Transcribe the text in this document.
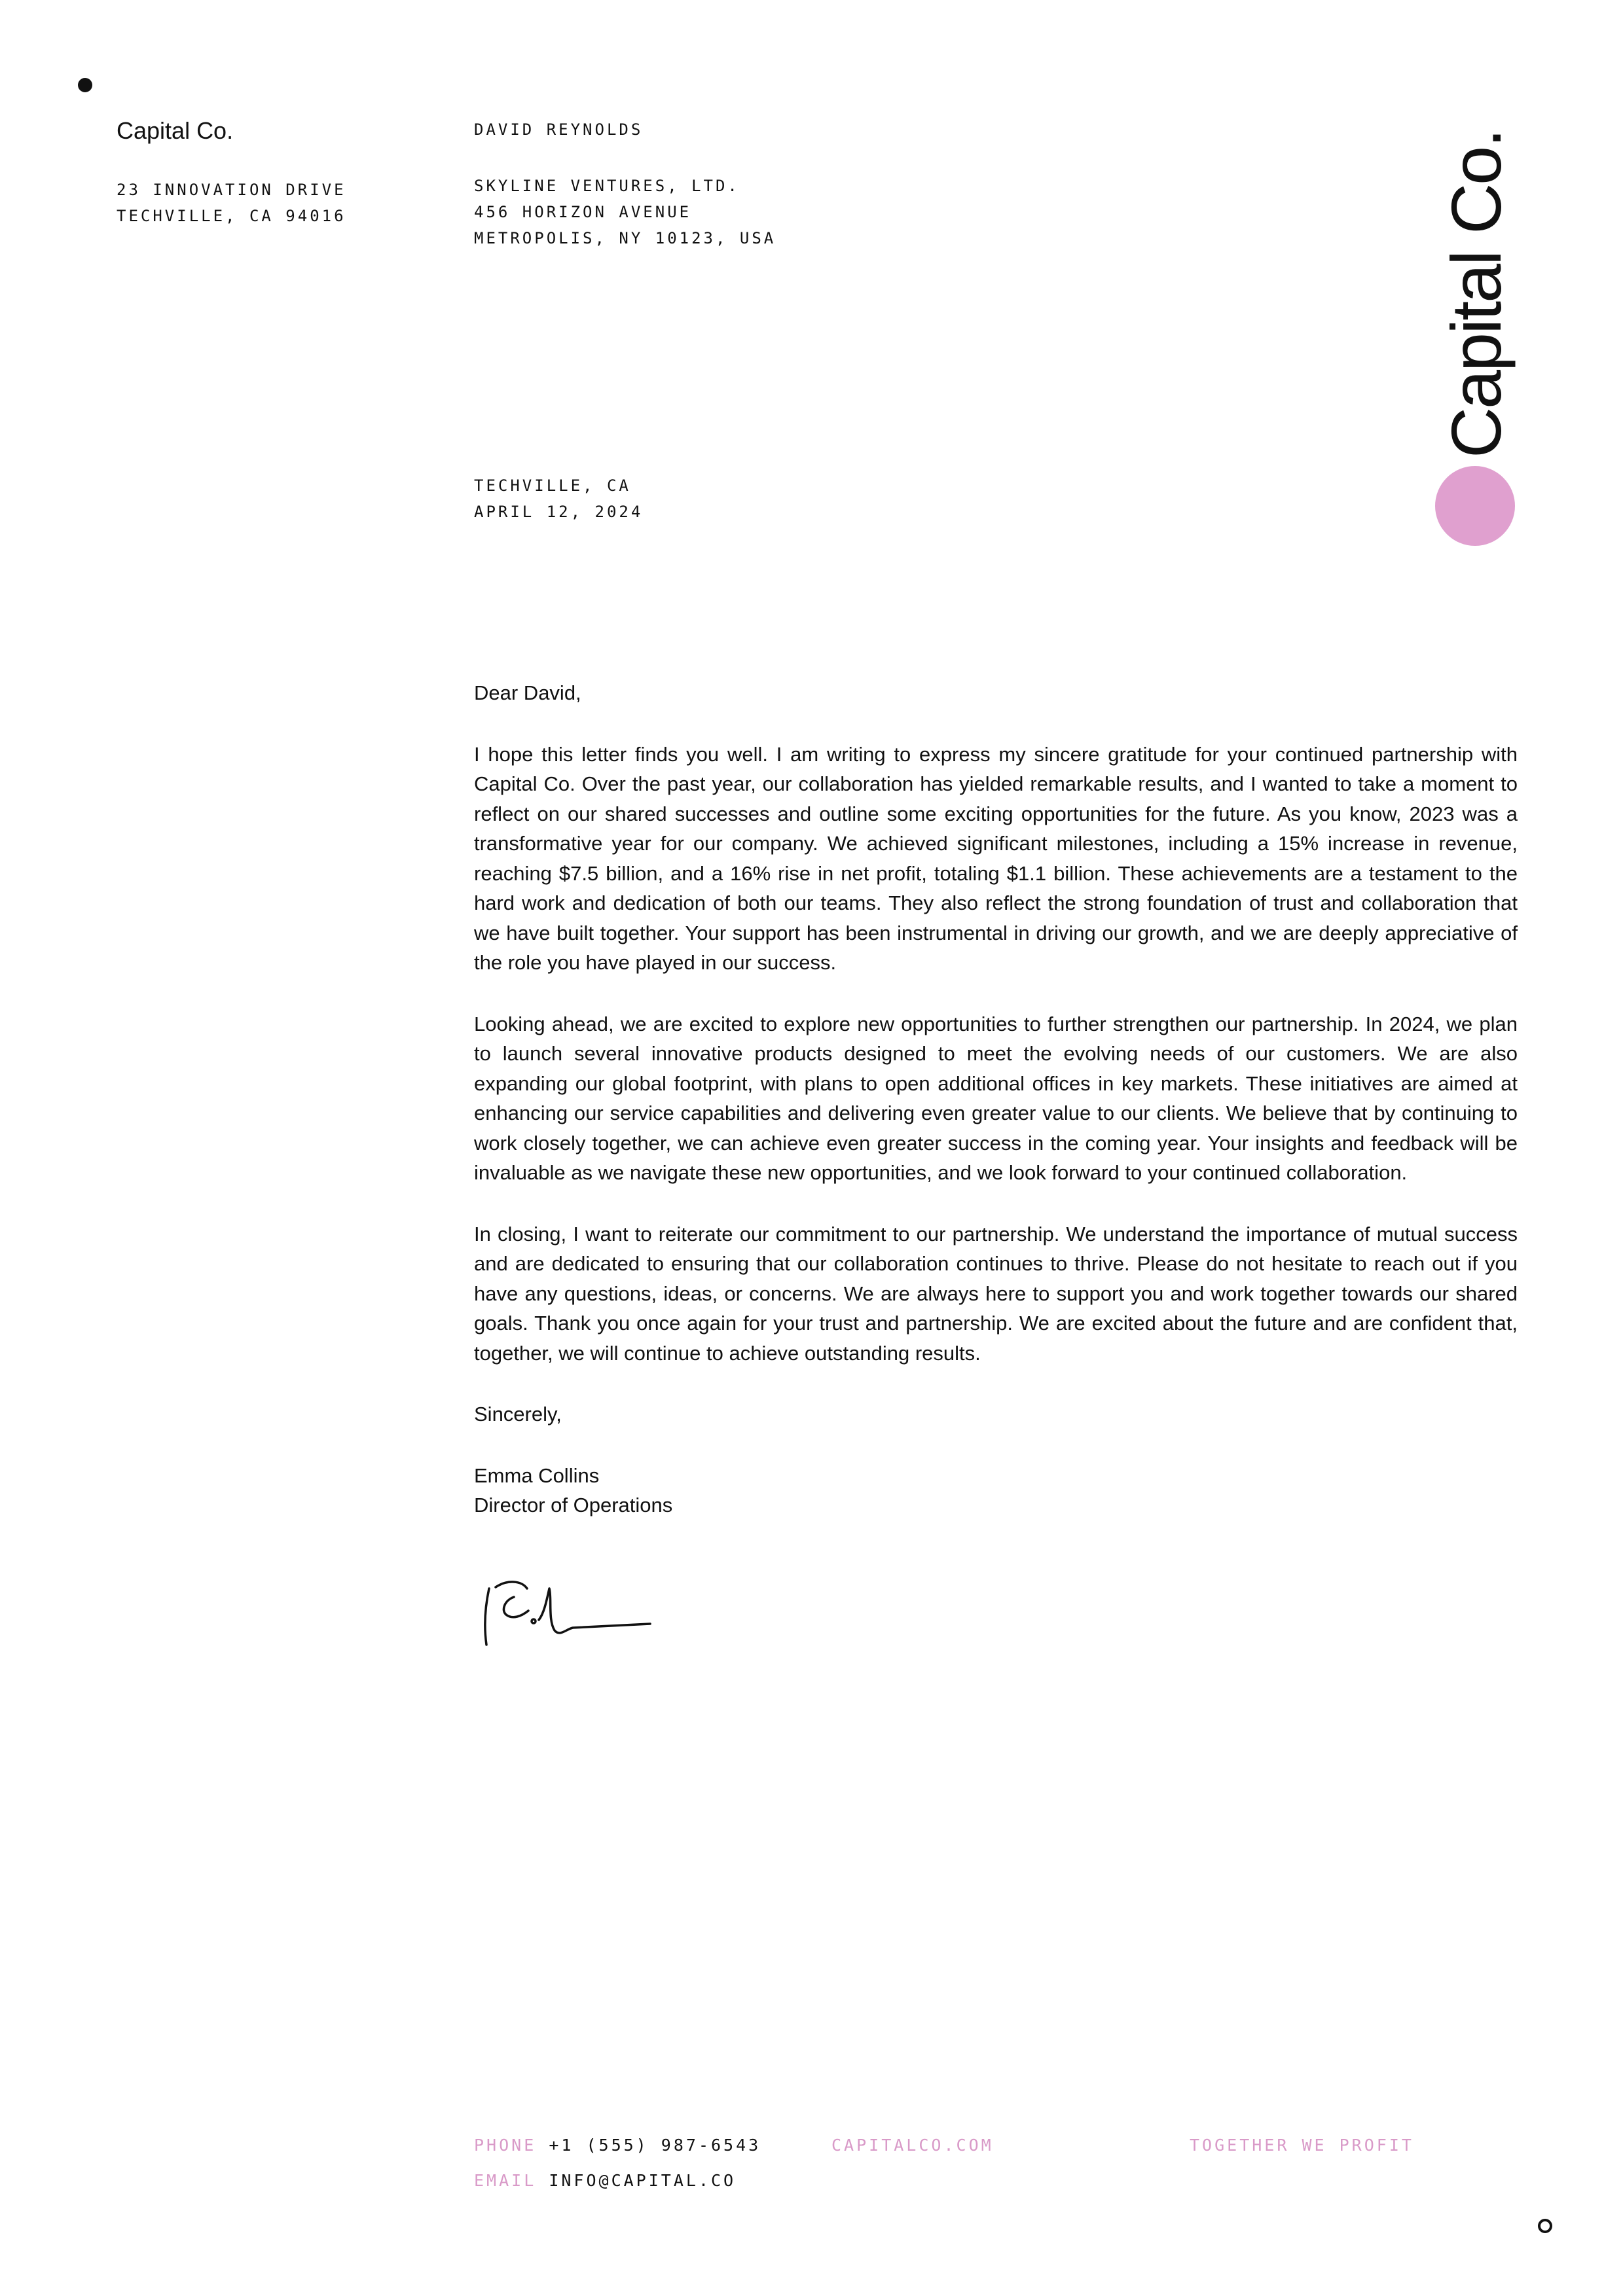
Capital Co.
23 INNOVATION DRIVE
TECHVILLE, CA 94016
DAVID REYNOLDS
SKYLINE VENTURES, LTD.
456 HORIZON AVENUE
METROPOLIS, NY 10123, USA
TECHVILLE, CA
APRIL 12, 2024
Capital Co.

Dear David,

I hope this letter finds you well. I am writing to express my sincere gratitude for your continued partnership with Capital Co. Over the past year, our collaboration has yielded remarkable results, and I wanted to take a moment to reflect on our shared successes and outline some exciting opportunities for the future. As you know, 2023 was a transformative year for our company. We achieved significant milestones, including a 15% increase in revenue, reaching $7.5 billion, and a 16% rise in net profit, totaling $1.1 billion. These achievements are a testament to the hard work and dedication of both our teams. They also reflect the strong foundation of trust and collaboration that we have built together. Your support has been instrumental in driving our growth, and we are deeply appreciative of the role you have played in our success.

Looking ahead, we are excited to explore new opportunities to further strengthen our partnership. In 2024, we plan to launch several innovative products designed to meet the evolving needs of our customers. We are also expanding our global footprint, with plans to open additional offices in key markets. These initiatives are aimed at enhancing our service capabilities and delivering even greater value to our clients. We believe that by continuing to work closely together, we can achieve even greater success in the coming year. Your insights and feedback will be invaluable as we navigate these new opportunities, and we look forward to your continued collaboration.

In closing, I want to reiterate our commitment to our partnership. We understand the importance of mutual success and are dedicated to ensuring that our collaboration continues to thrive. Please do not hesitate to reach out if you have any questions, ideas, or concerns. We are always here to support you and work together towards our shared goals. Thank you once again for your trust and partnership. We are excited about the future and are confident that, together, we will continue to achieve outstanding results.

Sincerely,

Emma Collins
Director of Operations
PHONE +1 (555) 987-6543
EMAIL INFO@CAPITAL.CO
CAPITALCO.COM	TOGETHER WE PROFIT
